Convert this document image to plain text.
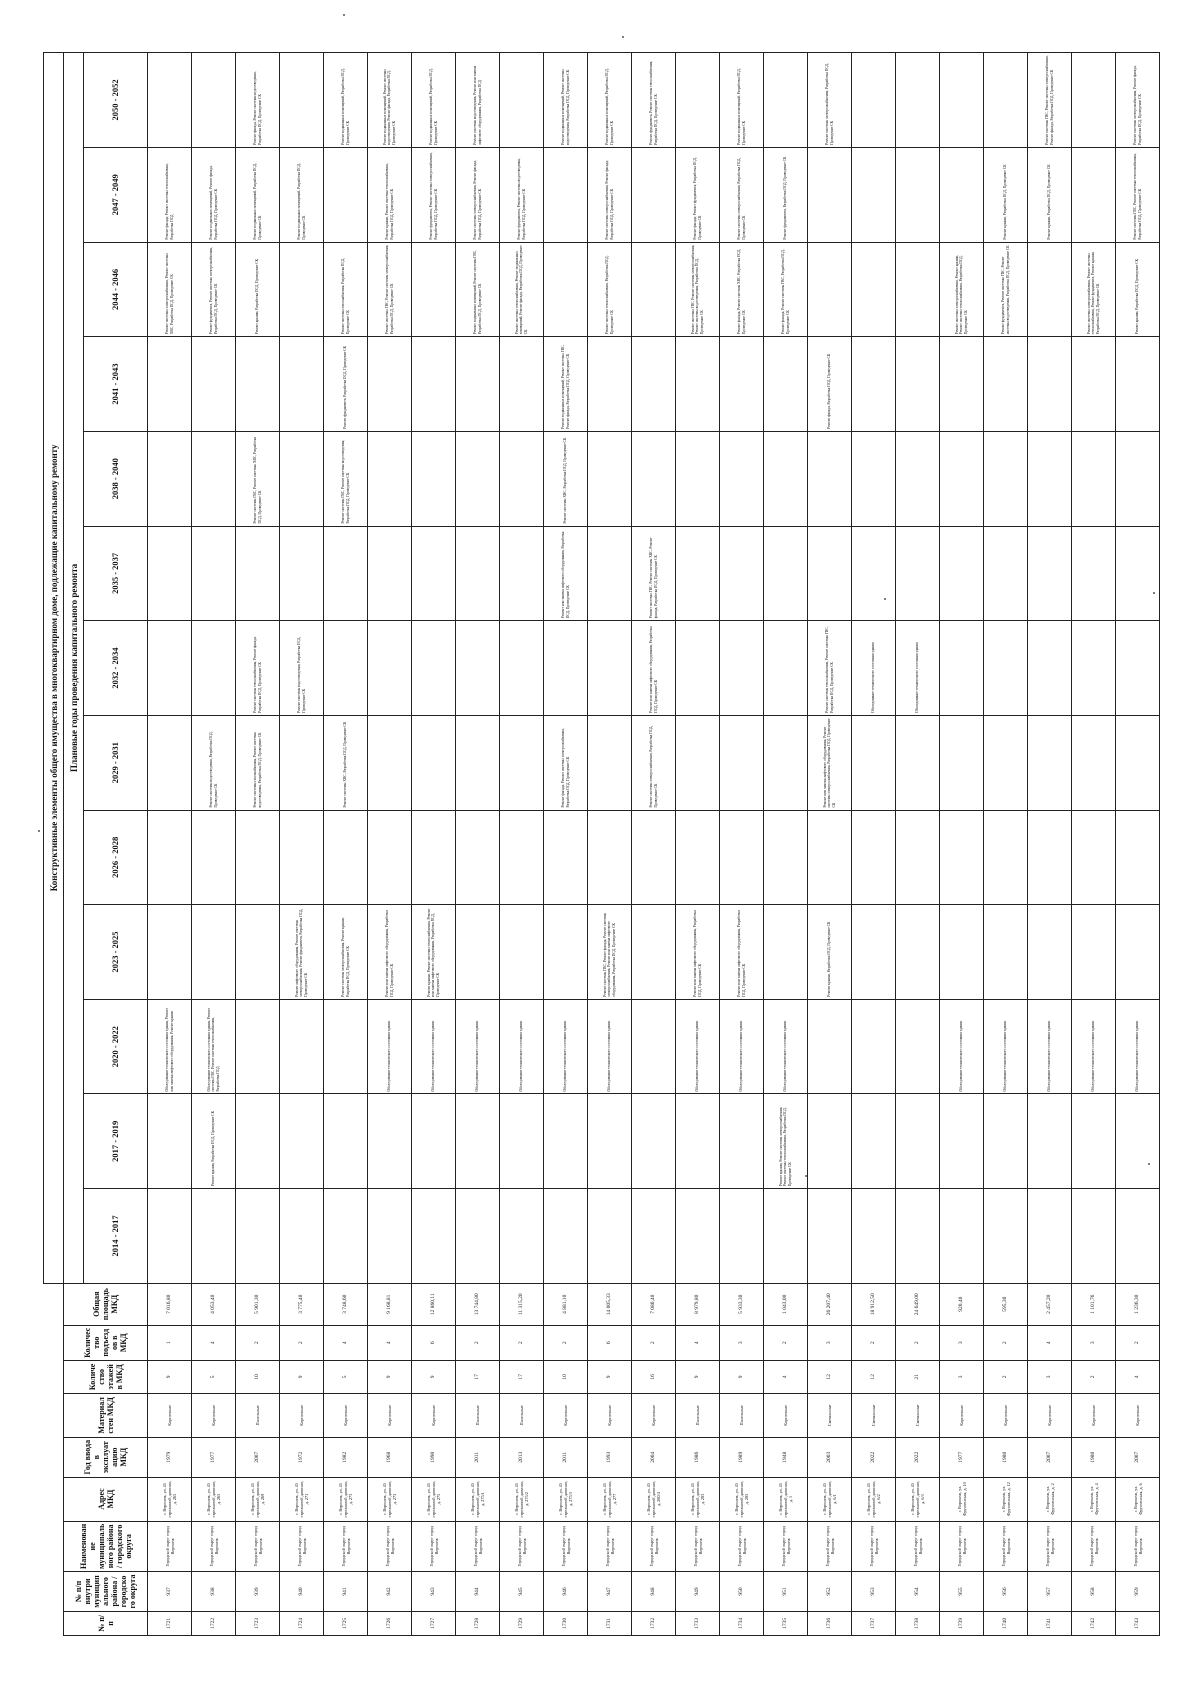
									Конструктивные элементы общего имущества в многоквартирном доме, подлежащие капитальному ремонту												
№ п/п	№ п/п внутри муниципального района / городского округа	Наименование муниципального района / городского округа	Адрес МКД	Год ввода в эксплуатацию МКД	Материал стен МКД	Количество этажей в МКД	Количество подъездов в МКД	Общая площадь МКД	Плановые годы проведения капитального ремонта												
									2014 - 2017	2017 - 2019	2020 - 2022	2023 - 2025	2026 - 2028	2029 - 2031	2032 - 2034	2035 - 2037	2038 - 2040	2041 - 2043	2044 - 2046	2047 - 2049	2050 - 2052
1721	937	Городской округ город Воронеж	г. Воронеж, ул. 45 стрелковой дивизии, д. 265	1979	Кирпичные	9	1	7 016,80			Обследование технического состояния здания, Ремонт или замена лифтового оборудования, Ремонт крыши								Ремонт системы электроснабжения, Ремонт системы ХВС, Разработка ПСД, Проведение СК	Ремонт фасада, Ремонт системы теплоснабжения, Разработка ПСД	
1722	938	Городской округ город Воронеж	г. Воронеж, ул. 45 стрелковой дивизии, д. 265	1977	Кирпичные	5	4	4 053,40		Ремонт крыши, Разработка ПСД, Проведение СК	Обследование технического состояния здания, Ремонт системы ГВС, Ремонт системы теплоснабжения, Разработка ПСД			Ремонт системы водоотведения, Разработка ПСД, Проведение СК					Ремонт фундамента, Ремонт системы электроснабжения, Разработка ПСД, Проведение СК	Ремонт подвальных помещений, Ремонт фасада, Разработка ПСД, Проведение СК	
1723	939	Городской округ город Воронеж	г. Воронеж, ул. 45 стрелковой дивизии, д. 269	2007	Панельные	10	2	5 901,30						Ремонт системы газоснабжения, Ремонт системы водоотведения, Разработка ПСД, Проведение СК	Ремонт системы теплоснабжения, Ремонт фасада, Разработка ПСД, Проведение СК		Ремонт системы ГВС, Ремонт системы ХВС, Разработка ПСД, Проведение СК		Ремонт крыши, Разработка ПСД, Проведение СК	Ремонт подвальных помещений, Разработка ПСД, Проведение СК	Ремонт фасада, Ремонт системы водоотведения, Разработка ПСД, Проведение СК
1724	940	Городской округ город Воронеж	г. Воронеж, ул. 45 стрелковой дивизии, д. 271	1972	Кирпичные	9	2	3 775,40				Ремонт лифтового оборудования, Ремонт системы электроснабжения, Ремонт фундамента, Разработка ПСД, Проведение СК			Ремонт системы водоотведения, Разработка ПСД, Проведение СК					Ремонт подвальных помещений, Разработка ПСД, Проведение СК	
1725	941	Городской округ город Воронеж	г. Воронеж, ул. 45 стрелковой дивизии, д. 273	1982	Кирпичные	5	4	3 748,60				Ремонт системы электроснабжения, Ремонт крыши, Разработка ПСД, Проведение СК		Ремонт системы ХВС, Разработка ПСД, Проведение СК			Ремонт системы ГВС, Ремонт системы водоотведения, Разработка ПСД, Проведение СК	Ремонт фундамента, Разработка ПСД, Проведение СК	Ремонт системы газоснабжения, Разработка ПСД, Проведение СК		Ремонт подвальных помещений, Разработка ПСД, Проведение СК
1726	942	Городской округ город Воронеж	г. Воронеж, ул. 45 стрелковой дивизии, д. 273	1968	Кирпичные	9	4	9 168,81			Обследование технического состояния здания	Ремонт или замена лифтового оборудования, Разработка ПСД, Проведение СК							Ремонт системы ГВС, Ремонт системы электроснабжения, Разработка ПСД, Проведение СК	Ремонт крыши, Ремонт системы теплоснабжения, Разработка ПСД, Проведение СК	Ремонт подвальных помещений, Ремонт системы водоотведения, Ремонт фасада, Разработка ПСД, Проведение СК
1727	943	Городской округ город Воронеж	г. Воронеж, ул. 45 стрелковой дивизии, д. 275	1990	Кирпичные	9	6	12 860,11			Обследование технического состояния здания	Ремонт крыши, Ремонт системы теплоснабжения, Ремонт или замена лифтового оборудования, Разработка ПСД, Проведение СК								Ремонт фундамента, Ремонт системы электроснабжения, Разработка ПСД, Проведение СК	Ремонт подвальных помещений, Разработка ПСД, Проведение СК
1728	944	Городской округ город Воронеж	г. Воронеж, ул. 45 стрелковой дивизии, д. 275/1	2011	Панельные	17	2	13 744,80			Обследование технического состояния здания								Ремонт подвальных помещений, Ремонт системы ГВС, Разработка ПСД, Проведение СК	Ремонт системы электроснабжения, Ремонт фасада, Разработка ПСД, Проведение СК	Ремонт системы водоотведения, Ремонт или замена лифтового оборудования, Разработка ПСД
1729	945	Городской округ город Воронеж	г. Воронеж, ул. 45 стрелковой дивизии, д. 275/2	2013	Панельные	17	2	11 315,20			Обследование технического состояния здания								Ремонт системы теплоснабжения, Ремонт подвальных помещений, Ремонт фасада, Разработка ПСД, Проведение СК	Ремонт фундамента, Ремонт системы водоотведения, Разработка ПСД, Проведение СК	
1730	946	Городской округ город Воронеж	г. Воронеж, ул. 45 стрелковой дивизии, д. 275/3	2011	Кирпичные	10	2	4 881,10			Обследование технического состояния здания			Ремонт фасада, Ремонт системы электроснабжения, Разработка ПСД, Проведение СК		Ремонт или замена лифтового оборудования, Разработка ПСД, Проведение СК	Ремонт системы ХВС, Разработка ПСД, Проведение СК	Ремонт подвальных помещений, Ремонт системы ГВС, Ремонт фасада, Разработка ПСД, Проведение СК			Ремонт подвальных помещений, Ремонт системы водоотведения, Разработка ПСД, Проведение СК
1731	947	Городской округ город Воронеж	г. Воронеж, ул. 45 стрелковой дивизии, д. 277	1993	Кирпичные	9	6	14 005,33			Обследование технического состояния здания	Ремонт системы ГВС, Ремонт фасада, Ремонт системы электроснабжения, Ремонт или замена лифтового оборудования, Разработка ПСД, Проведение СК							Ремонт системы теплоснабжения, Разработка ПСД, Проведение СК	Ремонт системы электроснабжения, Ремонт фасада, Разработка ПСД, Проведение СК	Ремонт подвальных помещений, Разработка ПСД, Проведение СК
1732	948	Городской округ город Воронеж	г. Воронеж, ул. 45 стрелковой дивизии, д. 280/4	2004	Кирпичные	16	2	7 080,40						Ремонт системы электроснабжения, Разработка ПСД, Проведение СК	Ремонт или замена лифтового оборудования, Разработка ПСД, Проведение СК	Ремонт системы ГВС, Ремонт системы ХВС, Ремонт фасада, Разработка ПСД, Проведение СК					Ремонт фундамента, Ремонт системы теплоснабжения, Разработка ПСД, Проведение СК
1733	949	Городской округ город Воронеж	г. Воронеж, ул. 45 стрелковой дивизии, д. 283	1986	Панельные	9	4	8 979,80			Обследование технического состояния здания	Ремонт или замена лифтового оборудования, Разработка ПСД, Проведение СК							Ремонт системы ГВС, Ремонт системы электроснабжения, Ремонт системы водоотведения, Разработка ПСД, Проведение СК	Ремонт фасада, Ремонт фундамента, Разработка ПСД, Проведение СК	
1734	950	Городской округ город Воронеж	г. Воронеж, ул. 45 стрелковой дивизии, д. 285	1989	Панельные	9	3	5 933,30			Обследование технического состояния здания	Ремонт или замена лифтового оборудования, Разработка ПСД, Проведение СК							Ремонт фасада, Ремонт системы ХВС, Разработка ПСД, Проведение СК	Ремонт системы электроснабжения, Разработка ПСД, Проведение СК	Ремонт подвальных помещений, Разработка ПСД, Проведение СК
1735	951	Городской округ город Воронеж	г. Воронеж, ул. 45 стрелковой дивизии, д. 1	1948	Кирпичные	4	2	1 043,00		Ремонт крыши, Ремонт системы электроснабжения, Ремонт системы теплоснабжения, Разработка ПСД, Проведение СК	Обследование технического состояния здания								Ремонт фасада, Ремонт системы ГВС, Разработка ПСД, Проведение СК	Ремонт фундамента, Разработка ПСД, Проведение СК	
1736	952	Городской округ город Воронеж	г. Воронеж, ул. 45 стрелковой дивизии, д. 6/1	2003	Смешанные	12	3	26 207,40				Ремонт крыши, Разработка ПСД, Проведение СК		Ремонт или замена лифтового оборудования, Ремонт системы электроснабжения, Разработка ПСД, Проведение СК	Ремонт системы теплоснабжения, Ремонт системы ГВС, Разработка ПСД, Проведение СК			Ремонт фасада, Разработка ПСД, Проведение СК			Ремонт системы электроснабжения, Разработка ПСД, Проведение СК
1737	953	Городской округ город Воронеж	г. Воронеж, ул. 45 стрелковой дивизии, д. 6/2	2022	Смешанные	12	2	18 912,50							Обследование технического состояния здания						
1738	954	Городской округ город Воронеж	г. Воронеж, ул. 45 стрелковой дивизии, д. 6/3	2022	Смешанные	21	2	24 649,00							Обследование технического состояния здания						
1739	955	Городской округ город Воронеж	г. Воронеж, ул. Фрунзенская, д. 10	1977	Кирпичные	3	3	920,40			Обследование технического состояния здания								Ремонт системы электроснабжения, Ремонт крыши, Ремонт системы теплоснабжения, Разработка ПСД, Проведение СК		
1740	956	Городской округ город Воронеж	г. Воронеж, ул. Фрунзенская, д. 12	1980	Кирпичные	2	2	595,30			Обследование технического состояния здания								Ремонт фундамента, Ремонт системы ГВС, Ремонт системы водоотведения, Разработка ПСД, Проведение СК	Ремонт крыши, Разработка ПСД, Проведение СК	
1741	957	Городской округ город Воронеж	г. Воронеж, ул. Фрунзенская, д. 2	2007	Кирпичные	3	4	2 457,20			Обследование технического состояния здания									Ремонт крыши, Разработка ПСД, Проведение СК	Ремонт системы ГВС, Ремонт системы электроснабжения, Ремонт фасада, Разработка ПСД, Проведение СК
1742	958	Городской округ город Воронеж	г. Воронеж, ул. Фрунзенская, д. 4	1980	Кирпичные	2	3	1 101,76			Обследование технического состояния здания								Ремонт системы электроснабжения, Ремонт системы теплоснабжения, Ремонт фундамента, Ремонт крыши, Разработка ПСД, Проведение СК		
1743	959	Городской округ город Воронеж	г. Воронеж, ул. Фрунзенская, д. 6	2007	Кирпичные	4	2	1 236,30			Обследование технического состояния здания								Ремонт крыши, Разработка ПСД, Проведение СК	Ремонт системы ГВС, Ремонт системы теплоснабжения, Разработка ПСД, Проведение СК	Ремонт системы электроснабжения, Ремонт фасада, Разработка ПСД, Проведение СК
